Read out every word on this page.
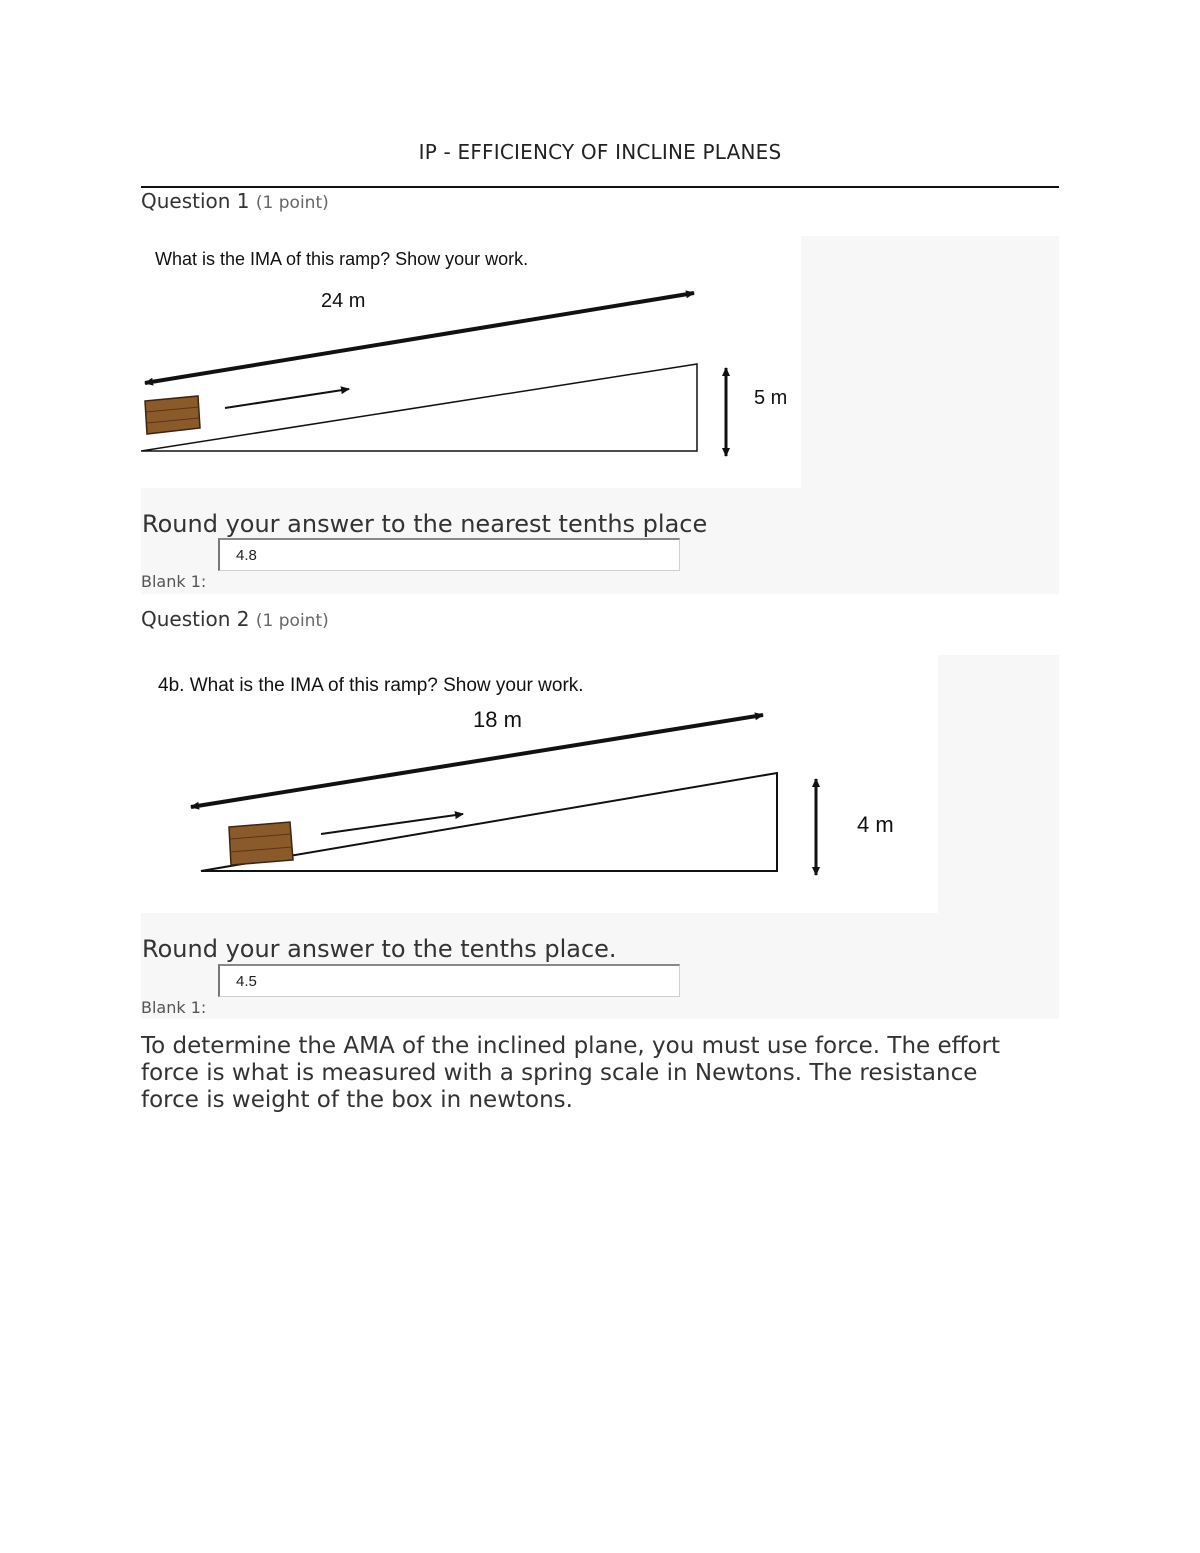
IP - EFFICIENCY OF INCLINE PLANES
Question 1 (1 point)
What is the IMA of this ramp? Show your work.
24 m
5 m
Round your answer to the nearest tenths place
4.8
Blank 1:
Question 2 (1 point)
4b. What is the IMA of this ramp? Show your work.
18 m
4 m
Round your answer to the tenths place.
4.5
Blank 1:
To determine the AMA of the inclined plane, you must use force. The effort force is what is measured with a spring scale in Newtons. The resistance force is weight of the box in newtons.
